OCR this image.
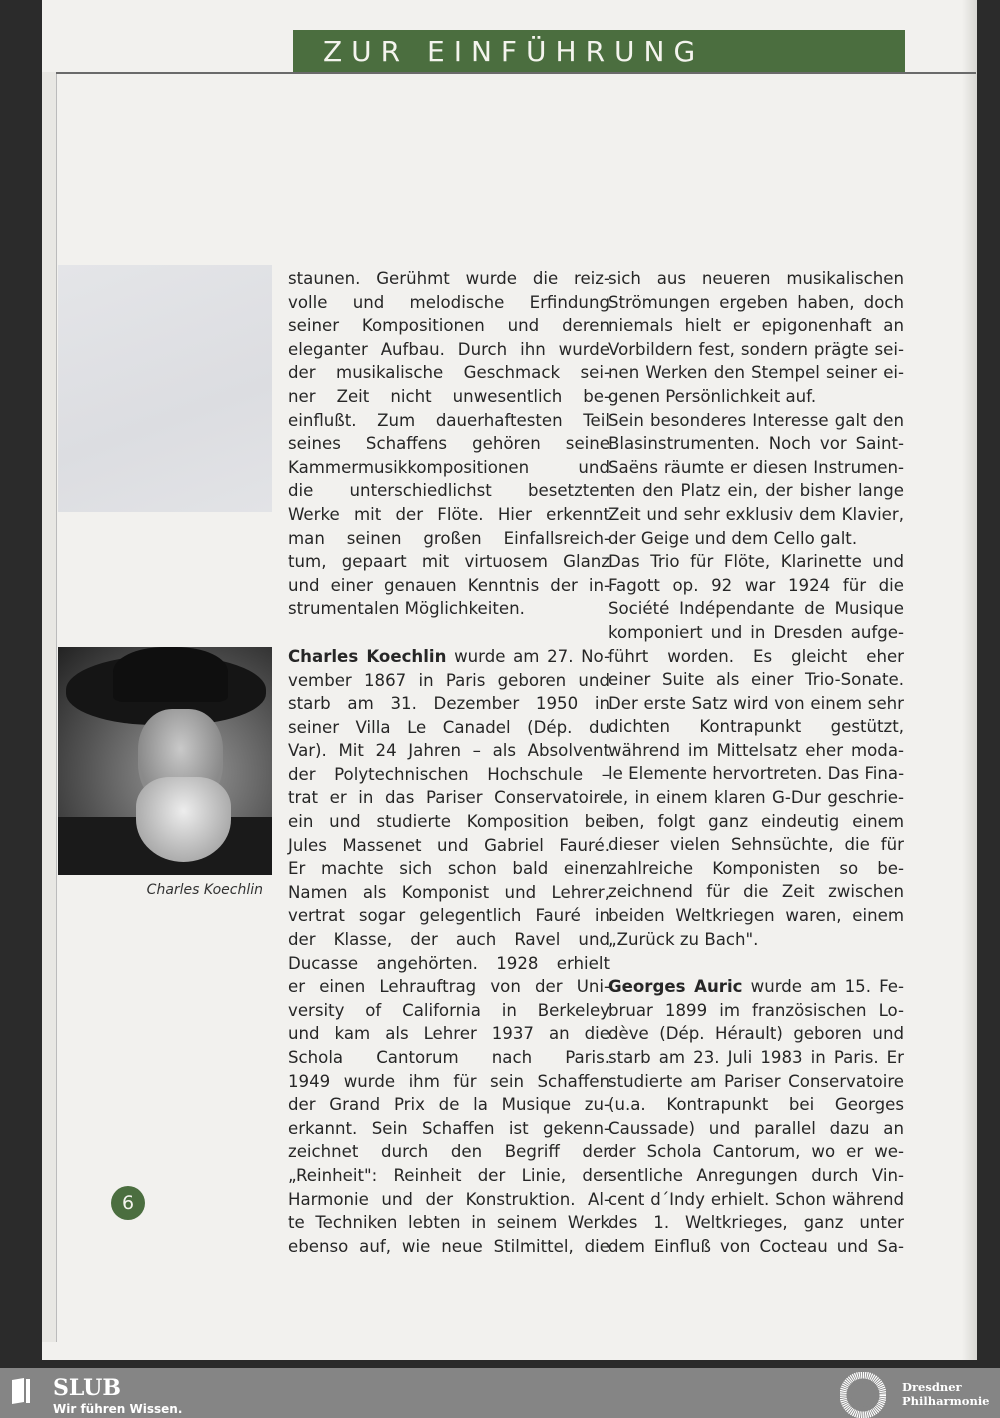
ZUR EINFÜHRUNG
Charles Koechlin
6
staunen. Gerühmt wurde die reiz-
volle und melodische Erfindung
seiner Kompositionen und deren
eleganter Aufbau. Durch ihn wurde
der musikalische Geschmack sei-
ner Zeit nicht unwesentlich be-
einflußt. Zum dauerhaftesten Teil
seines Schaffens gehören seine
Kammermusikkompositionen und
die unterschiedlichst besetzten
Werke mit der Flöte. Hier erkennt
man seinen großen Einfallsreich-
tum, gepaart mit virtuosem Glanz
und einer genauen Kenntnis der in-
strumentalen Möglichkeiten.
Charles Koechlin wurde am 27. No-
vember 1867 in Paris geboren und
starb am 31. Dezember 1950 in
seiner Villa Le Canadel (Dép. du
Var). Mit 24 Jahren – als Absolvent
der Polytechnischen Hochschule –
trat er in das Pariser Conservatoire
ein und studierte Komposition bei
Jules Massenet und Gabriel Fauré.
Er machte sich schon bald einen
Namen als Komponist und Lehrer,
vertrat sogar gelegentlich Fauré in
der Klasse, der auch Ravel und
Ducasse angehörten. 1928 erhielt
er einen Lehrauftrag von der Uni-
versity of California in Berkeley
und kam als Lehrer 1937 an die
Schola Cantorum nach Paris.
1949 wurde ihm für sein Schaffen
der Grand Prix de la Musique zu-
erkannt. Sein Schaffen ist gekenn-
zeichnet durch den Begriff der
„Reinheit": Reinheit der Linie, der
Harmonie und der Konstruktion. Al-
te Techniken lebten in seinem Werk
ebenso auf, wie neue Stilmittel, die
sich aus neueren musikalischen
Strömungen ergeben haben, doch
niemals hielt er epigonenhaft an
Vorbildern fest, sondern prägte sei-
nen Werken den Stempel seiner ei-
genen Persönlichkeit auf.
Sein besonderes Interesse galt den
Blasinstrumenten. Noch vor Saint-
Saëns räumte er diesen Instrumen-
ten den Platz ein, der bisher lange
Zeit und sehr exklusiv dem Klavier,
der Geige und dem Cello galt.
Das Trio für Flöte, Klarinette und
Fagott op. 92 war 1924 für die
Société Indépendante de Musique
komponiert und in Dresden aufge-
führt worden. Es gleicht eher
einer Suite als einer Trio-Sonate.
Der erste Satz wird von einem sehr
dichten Kontrapunkt gestützt,
während im Mittelsatz eher moda-
le Elemente hervortreten. Das Fina-
le, in einem klaren G-Dur geschrie-
ben, folgt ganz eindeutig einem
dieser vielen Sehnsüchte, die für
zahlreiche Komponisten so be-
zeichnend für die Zeit zwischen
beiden Weltkriegen waren, einem
„Zurück zu Bach".
Georges Auric wurde am 15. Fe-
bruar 1899 im französischen Lo-
dève (Dép. Hérault) geboren und
starb am 23. Juli 1983 in Paris. Er
studierte am Pariser Conservatoire
(u.a. Kontrapunkt bei Georges
Caussade) und parallel dazu an
der Schola Cantorum, wo er we-
sentliche Anregungen durch Vin-
cent d´Indy erhielt. Schon während
des 1. Weltkrieges, ganz unter
dem Einfluß von Cocteau und Sa-
SLUB
Wir führen Wissen.
Dresdner
Philharmonie
